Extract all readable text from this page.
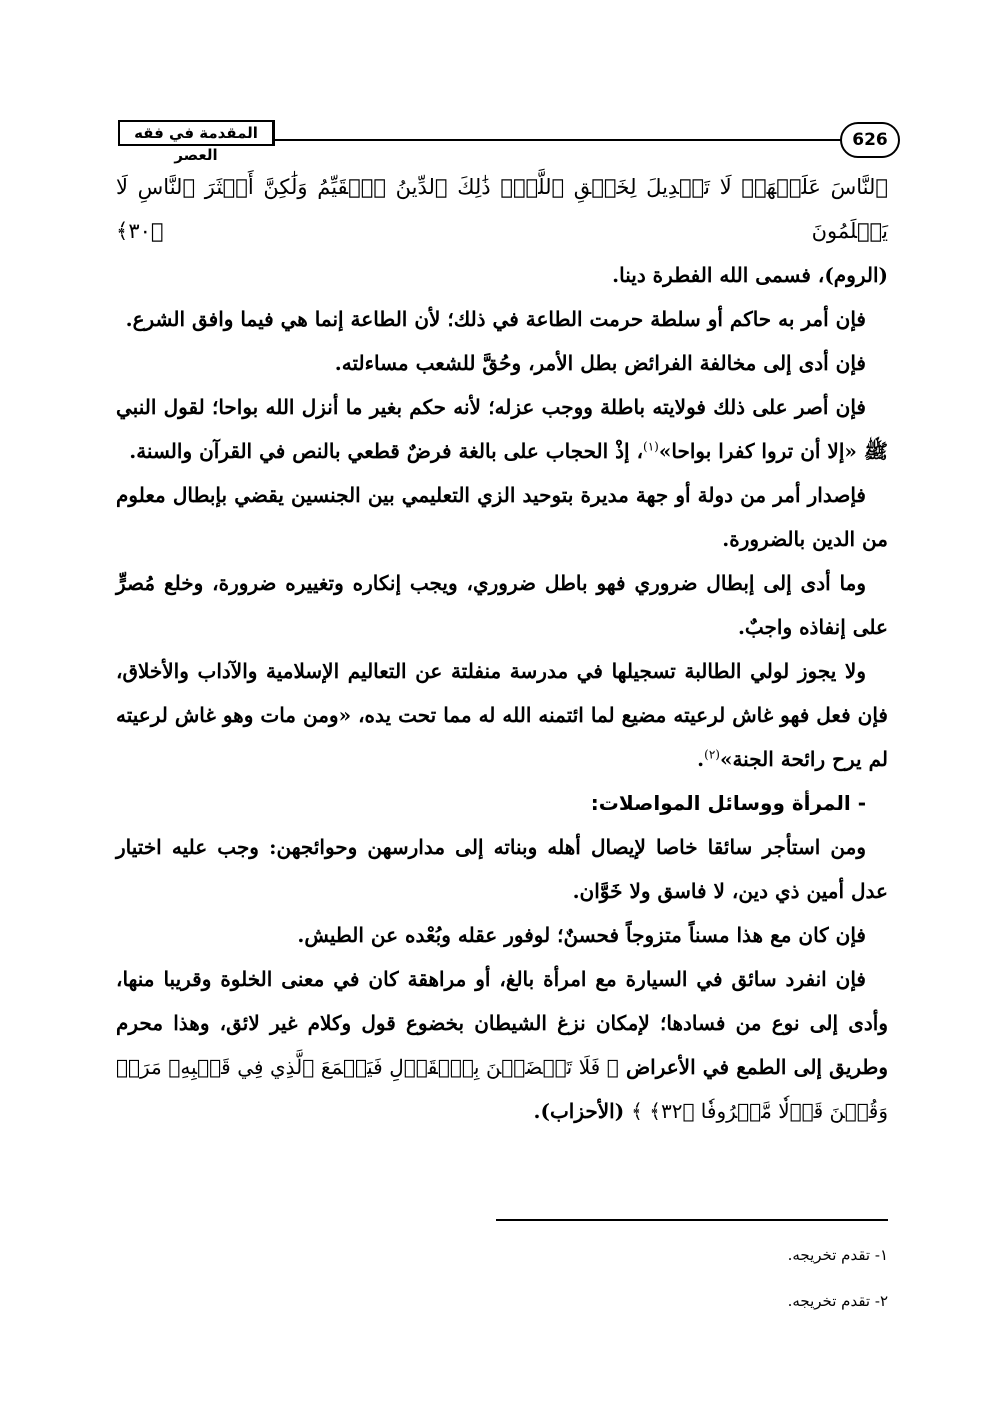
المقدمة في فقه العصر
626

ٱلنَّاسَ عَلَيۡهَاۚ لَا تَبۡدِيلَ لِخَلۡقِ ٱللَّهِۚ ذَٰلِكَ ٱلدِّينُ ٱلۡقَيِّمُ وَلَٰكِنَّ أَكۡثَرَ ٱلنَّاسِ لَا يَعۡلَمُونَ ﴿٣٠﴾

(الروم)، فسمى الله الفطرة دينا.

فإن أمر به حاكم أو سلطة حرمت الطاعة في ذلك؛ لأن الطاعة إنما هي فيما وافق الشرع.

فإن أدى إلى مخالفة الفرائض بطل الأمر، وحُقَّ للشعب مساءلته.

فإن أصر على ذلك فولايته باطلة ووجب عزله؛ لأنه حكم بغير ما أنزل الله بواحا؛ لقول النبي ﷺ «إلا أن تروا كفرا بواحا»$^{(١)}$، إذْ الحجاب على بالغة فرضٌ قطعي بالنص في القرآن والسنة.

فإصدار أمر من دولة أو جهة مديرة بتوحيد الزي التعليمي بين الجنسين يقضي بإبطال معلوم من الدين بالضرورة.

وما أدى إلى إبطال ضروري فهو باطل ضروري، ويجب إنكاره وتغييره ضرورة، وخلع مُصرٍّ على إنفاذه واجبٌ.

ولا يجوز لولي الطالبة تسجيلها في مدرسة منفلتة عن التعاليم الإسلامية والآداب والأخلاق، فإن فعل فهو غاش لرعيته مضيع لما ائتمنه الله له مما تحت يده، «ومن مات وهو غاش لرعيته لم يرح رائحة الجنة»$^{(٢)}$.

- المرأة ووسائل المواصلات:

ومن استأجر سائقا خاصا لإيصال أهله وبناته إلى مدارسهن وحوائجهن: وجب عليه اختيار عدل أمين ذي دين، لا فاسق ولا خَوَّان.

فإن كان مع هذا مسناً متزوجاً فحسنٌ؛ لوفور عقله وبُعْده عن الطيش.

فإن انفرد سائق في السيارة مع امرأة بالغ، أو مراهقة كان في معنى الخلوة وقريبا منها، وأدى إلى نوع من فسادها؛ لإمكان نزغ الشيطان بخضوع قول وكلام غير لائق، وهذا محرم وطريق إلى الطمع في الأعراض ﴿ فَلَا تَخۡضَعۡنَ بِٱلۡقَوۡلِ فَيَطۡمَعَ ٱلَّذِي فِي قَلۡبِهِۦ مَرَضٞ وَقُلۡنَ قَوۡلٗا مَّعۡرُوفٗا ﴿٣٢﴾ ﴾ (الأحزاب).

١- تقدم تخريجه.
٢- تقدم تخريجه.
